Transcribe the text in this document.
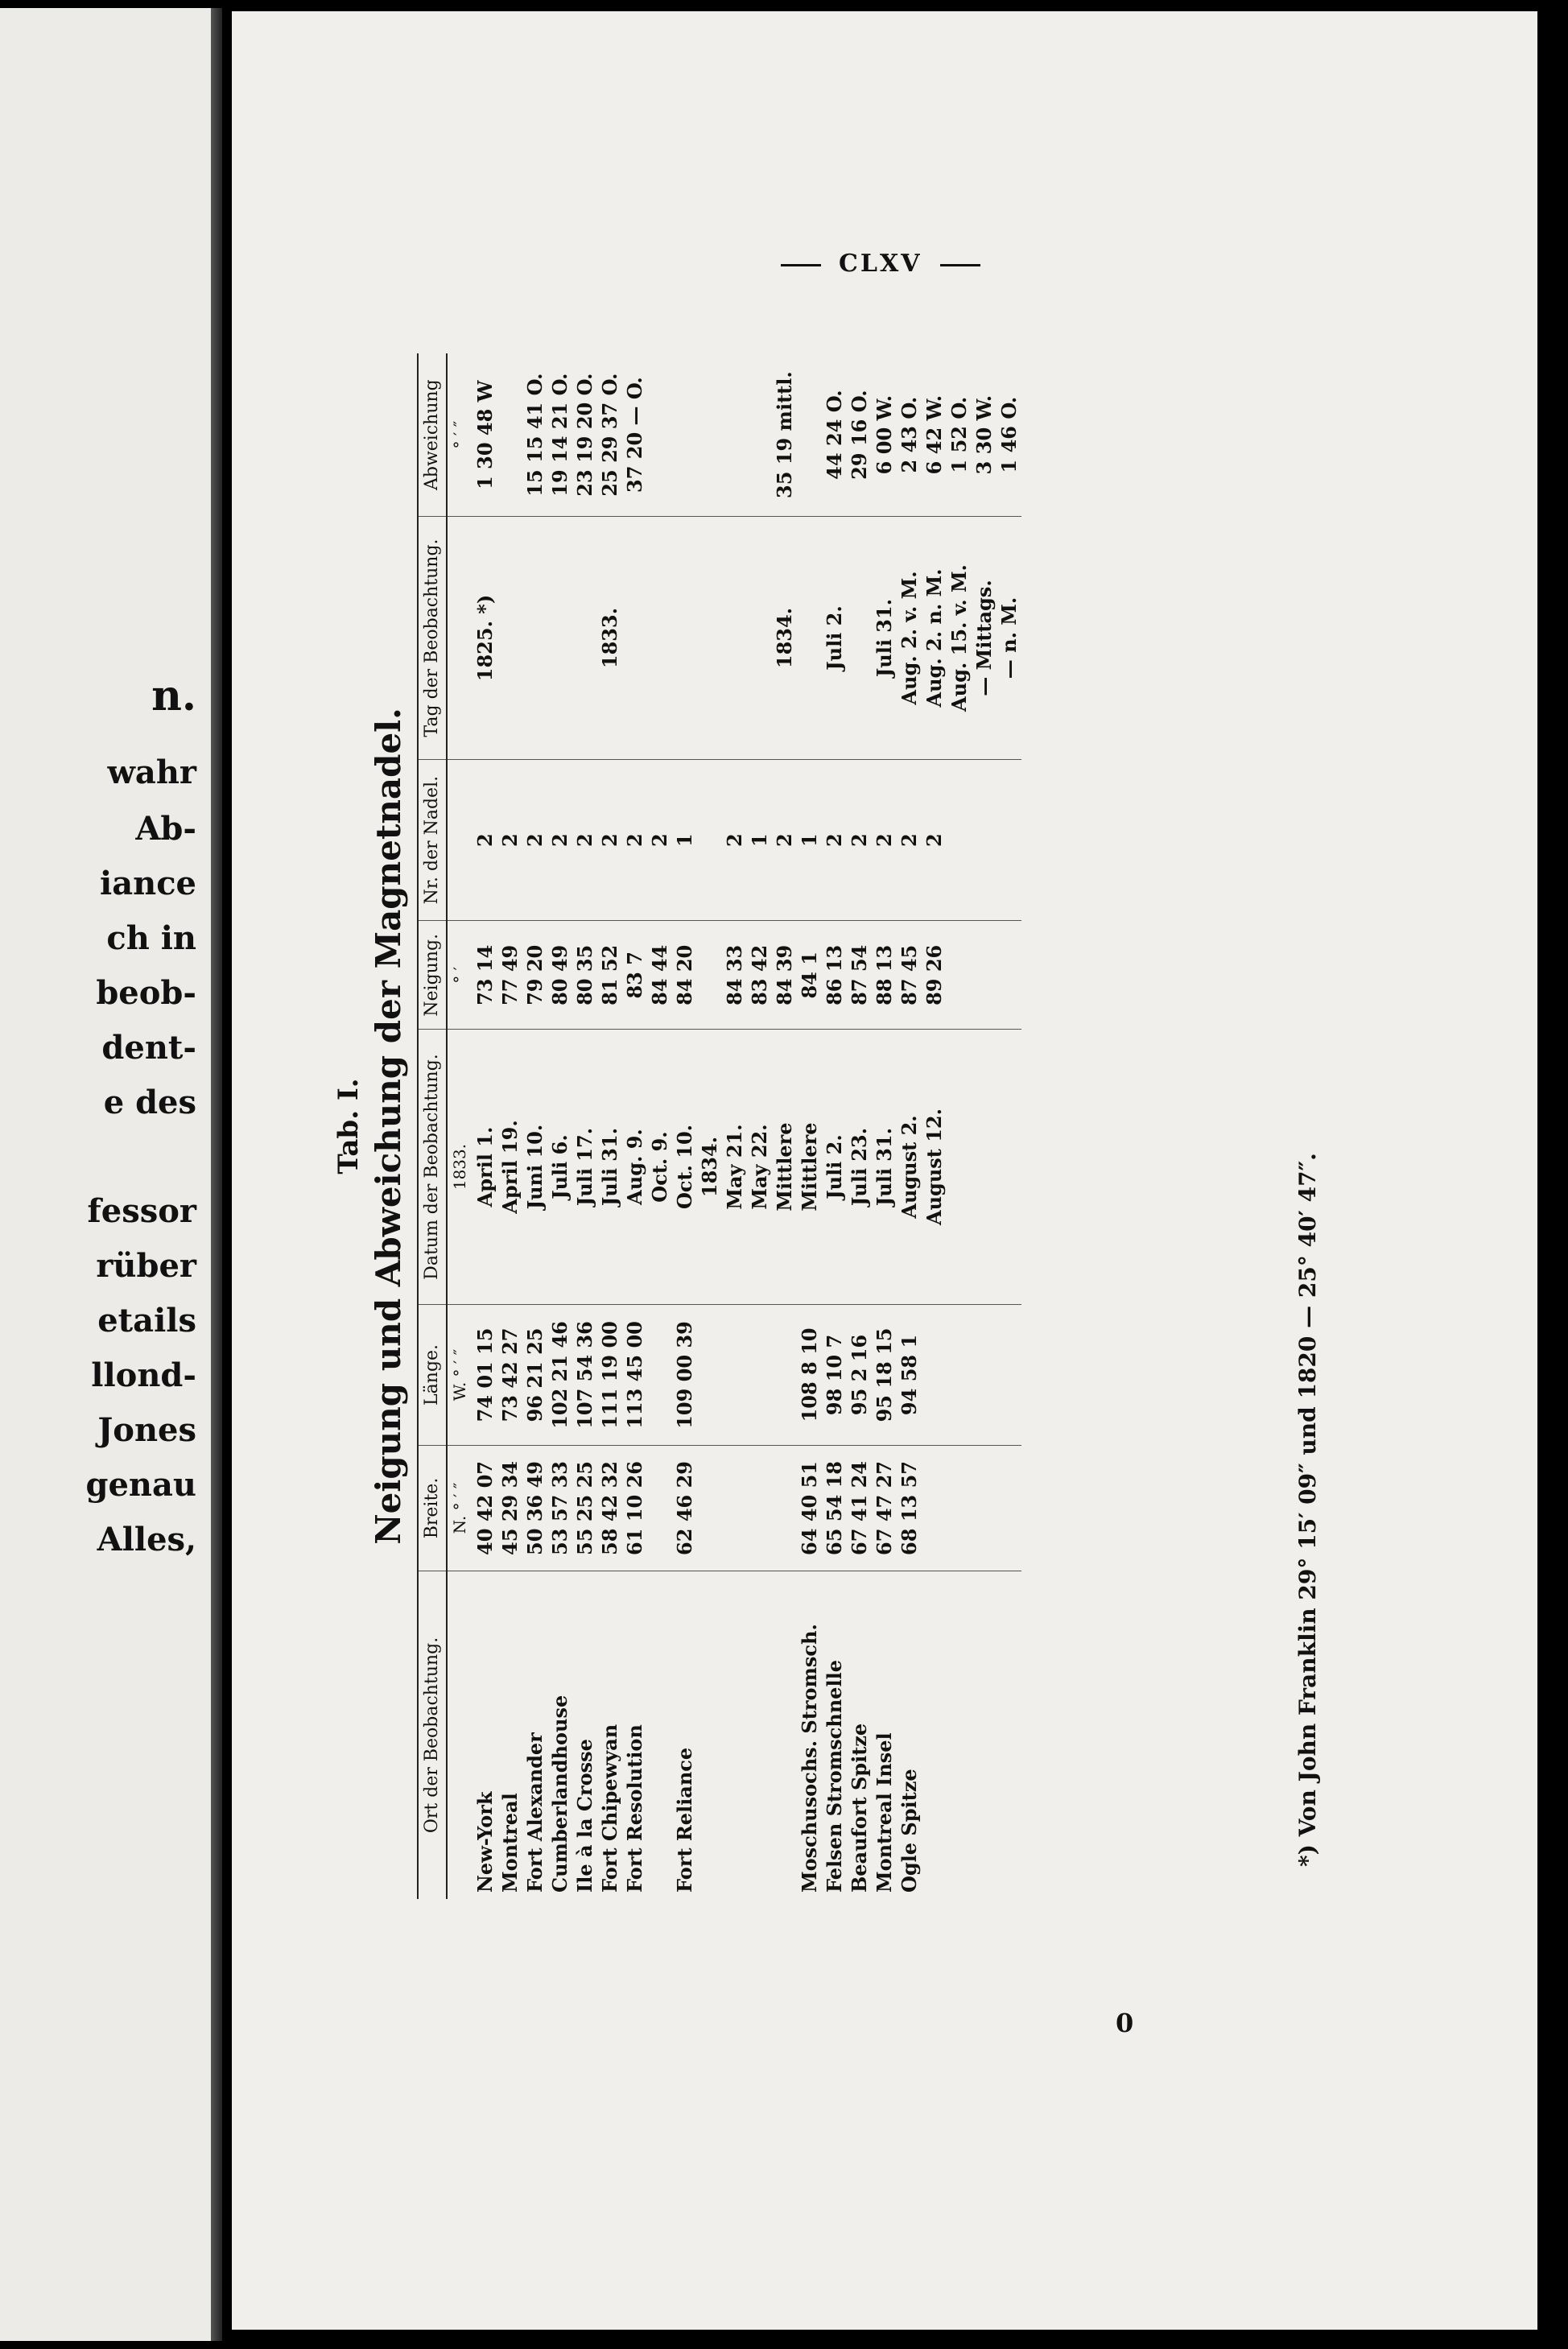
n.
wahr
Ab-
iance
ch in
beob-
dent-
e des
fessor
rüber
etails
llond-
Jones
genau
Alles,
CLXV
Tab. I. Neigung und Abweichung der Magnetnadel.
Ort der Beobachtung.	Breite.	Länge.	Datum der Beobachtung.	Neigung.	Nr. der Nadel.	Tag der Beobachtung.	Abweichung
	N. ° ′ ″	W. ° ′ ″	1833.	° ′			° ′ ″
New-York	40 42 07	74 01 15	April 1.	73 14	2	1825. *)	1 30 48 W
Montreal	45 29 34	73 42 27	April 19.	77 49	2		
Fort Alexander	50 36 49	96 21 25	Juni 10.	79 20	2		15 15 41 O.
Cumberlandhouse	53 57 33	102 21 46	Juli 6.	80 49	2		19 14 21 O.
Ile à la Crosse	55 25 25	107 54 36	Juli 17.	80 35	2		23 19 20 O.
Fort Chipewyan	58 42 32	111 19 00	Juli 31.	81 52	2	1833.	25 29 37 O.
Fort Resolution	61 10 26	113 45 00	Aug. 9.	83 7	2		37 20 — O.
			Oct. 9.	84 44	2		
Fort Reliance	62 46 29	109 00 39	Oct. 10.	84 20	1		
			1834.				
			May 21.	84 33	2		
			May 22.	83 42	1		
			Mittlere	84 39	2	1834.	35 19 mittl.
Moschusochs. Stromsch.	64 40 51	108 8 10	Mittlere	84 1	1		
Felsen Stromschnelle	65 54 18	98 10 7	Juli 2.	86 13	2	Juli 2.	44 24 O.
Beaufort Spitze	67 41 24	95 2 16	Juli 23.	87 54	2		29 16 O.
Montreal Insel	67 47 27	95 18 15	Juli 31.	88 13	2	Juli 31.	6 00 W.
Ogle Spitze	68 13 57	94 58 1	August 2.	87 45	2	Aug. 2. v. M.	2 43 O.
			August 12.	89 26	2	Aug. 2. n. M.	6 42 W.
						Aug. 15. v. M.	1 52 O.
						— Mittags.	3 30 W.
						— n. M.	1 46 O.
*) Von John Franklin 29° 15′ 09″ und 1820 — 25° 40′ 47″.
0
